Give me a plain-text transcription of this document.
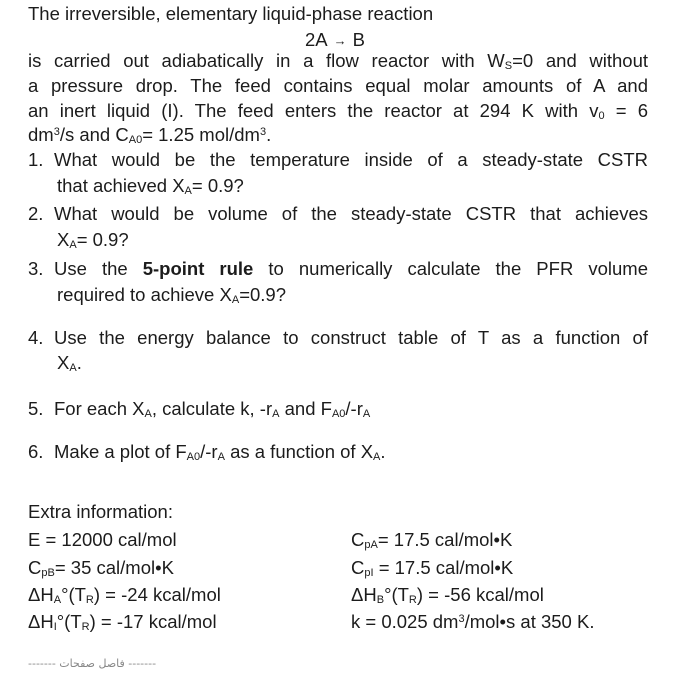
The irreversible, elementary liquid-phase reaction
2A → B
is carried out adiabatically in a flow reactor with $W_S=0$ and without
a pressure drop. The feed contains equal molar amounts of A and
an inert liquid (I). The feed enters the reactor at 294 K with $v_0 = 6$
$dm^3/s$ and $C_{A0}= 1.25$ mol/$dm^3$.
1. What would be the temperature inside of a steady-state CSTR
that achieved $X_A= 0.9$?
2. What would be volume of the steady-state CSTR that achieves
$X_A= 0.9$?
3. Use the 5-point rule to numerically calculate the PFR volume
required to achieve $X_A=0.9$?
4. Use the energy balance to construct table of T as a function of
$X_A$.
5. For each $X_A$, calculate k, $-r_A$ and $F_{A0}/-r_A$
6. Make a plot of $F_{A0}/-r_A$ as a function of $X_A$.
Extra information:
E = 12000 cal/mol
$C_{pB}= 35$ cal/mol•K
$\Delta H_A^\circ(T_R) = -24$ kcal/mol
$\Delta H_I^\circ(T_R) = -17$ kcal/mol
$C_{pA}= 17.5$ cal/mol•K
$C_{pI} = 17.5$ cal/mol•K
$\Delta H_B^\circ(T_R) = -56$ kcal/mol
k = 0.025 $dm^3/mol•s$ at 350 K.
------- فاصل صفحات -------
